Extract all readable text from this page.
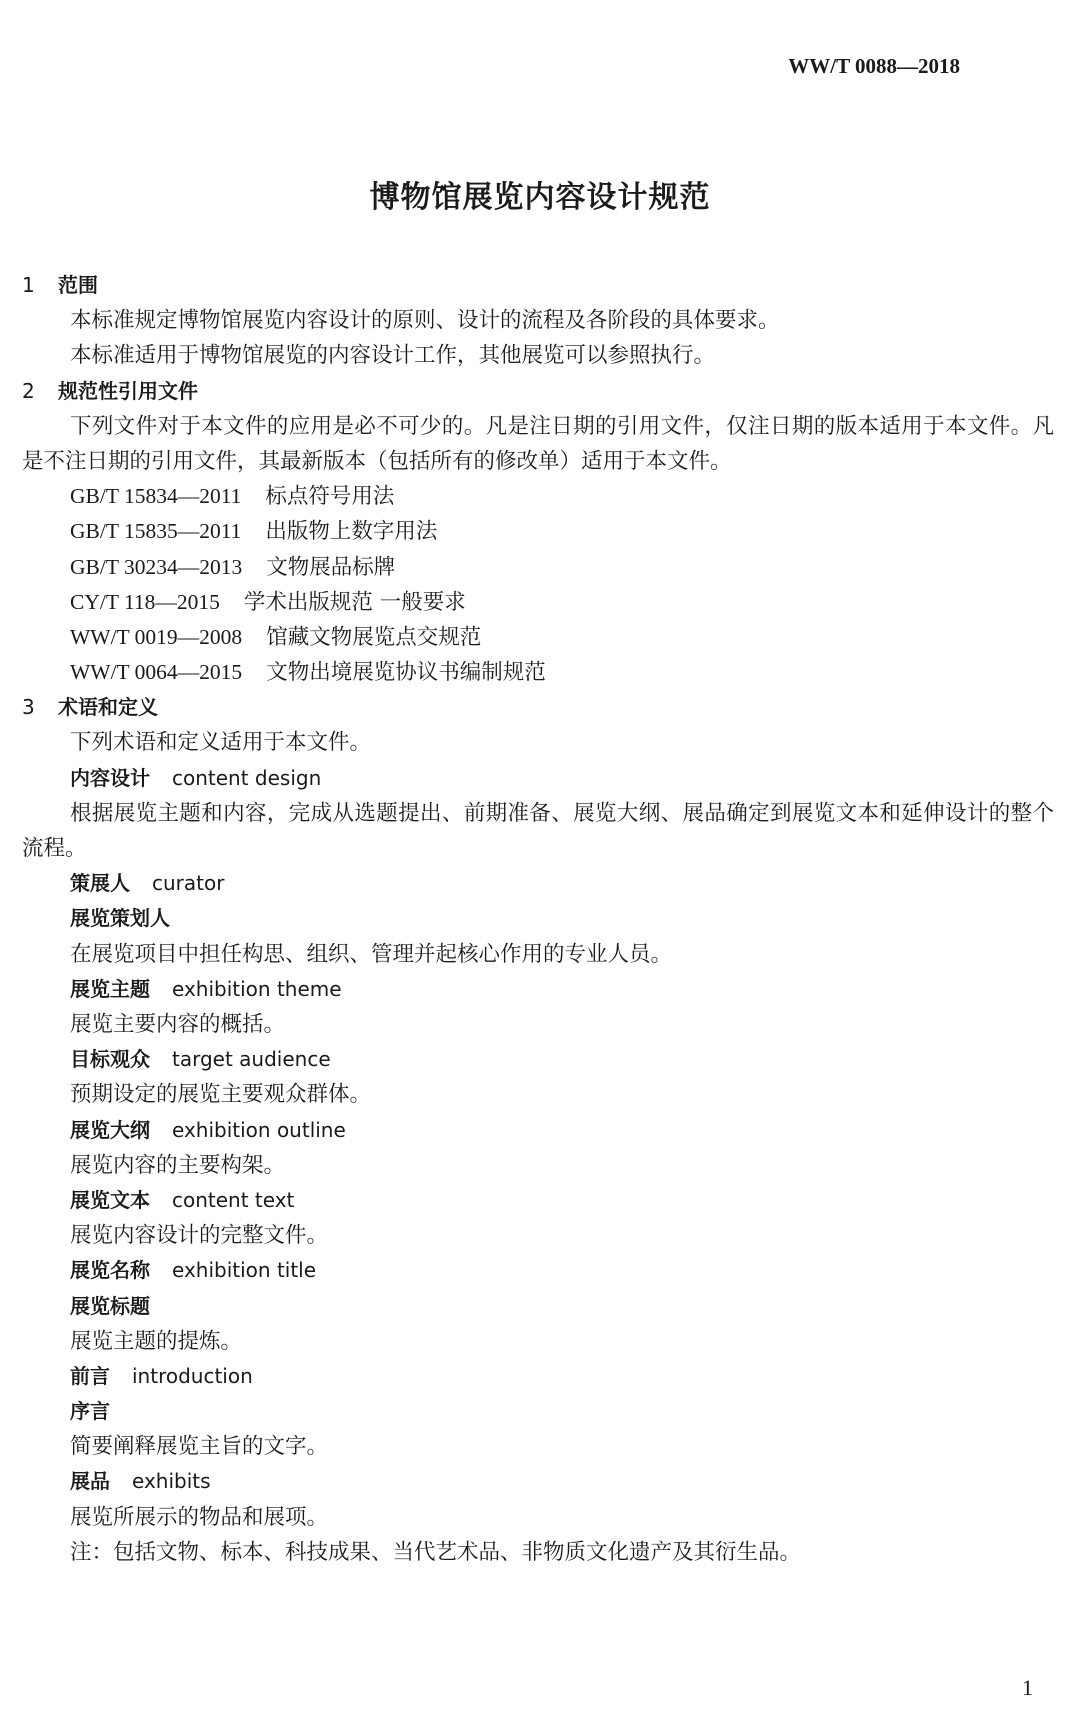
WW/T 0088—2018
博物馆展览内容设计规范
1 范围
本标准规定博物馆展览内容设计的原则、设计的流程及各阶段的具体要求。
本标准适用于博物馆展览的内容设计工作，其他展览可以参照执行。
2 规范性引用文件
下列文件对于本文件的应用是必不可少的。凡是注日期的引用文件，仅注日期的版本适用于本文件。凡是不注日期的引用文件，其最新版本（包括所有的修改单）适用于本文件。
GB/T 15834—2011 标点符号用法
GB/T 15835—2011 出版物上数字用法
GB/T 30234—2013 文物展品标牌
CY/T 118—2015 学术出版规范 一般要求
WW/T 0019—2008 馆藏文物展览点交规范
WW/T 0064—2015 文物出境展览协议书编制规范
3 术语和定义
下列术语和定义适用于本文件。
内容设计 content design
根据展览主题和内容，完成从选题提出、前期准备、展览大纲、展品确定到展览文本和延伸设计的整个流程。
策展人 curator
展览策划人
在展览项目中担任构思、组织、管理并起核心作用的专业人员。
展览主题 exhibition theme
展览主要内容的概括。
目标观众 target audience
预期设定的展览主要观众群体。
展览大纲 exhibition outline
展览内容的主要构架。
展览文本 content text
展览内容设计的完整文件。
展览名称 exhibition title
展览标题
展览主题的提炼。
前言 introduction
序言
简要阐释展览主旨的文字。
展品 exhibits
展览所展示的物品和展项。
注：包括文物、标本、科技成果、当代艺术品、非物质文化遗产及其衍生品。
1
